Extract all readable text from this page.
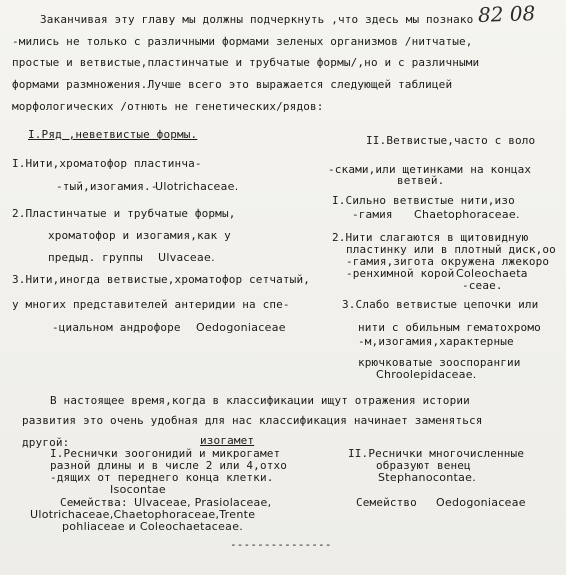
82 08
Заканчивая эту главу мы должны подчеркнуть ,что здесь мы познако
-мились не только с различными формами зеленых организмов /нитчатые,
простые и ветвистые,пластинчатые и трубчатые формы/,но и с различными
формами размножения.Лучше всего это выражается следующей таблицей
морфологических /отнють не генетических/рядов:
I.Ряд ,неветвистые формы.
I.Нити,хроматофор пластинча-
-тый,изогамия.-
Ulotrichaceae.
2.Пластинчатые и трубчатые формы,
хроматофор и изогамия,как у
предыд. группы Ulvaceae.
3.Нити,иногда ветвистые,хроматофор сетчатый,
у многих представителей антеридии на спе-
-циальном андрофоре Oedogoniaceae
II.Ветвистые,часто с воло
-сками,или щетинками на концах
ветвей.
I.Сильно ветвистые нити,изо
-гамия Chaetophoraceae.
2.Нити слагаются в щитовидную
пластинку или в плотный диск,оо
-гамия,зигота окружена лжекоро
-ренхимной корой Coleochaeta
-ceae.
3.Слабо ветвистые цепочки или
нити с обильным гематохромо
-м,изогамия,характерные
крючковатые зооспорангии
Chroolepidaceae.
В настоящее время,когда в классификации ищут отражения истории
развития это очень удобная для нас классификация начинает заменяться
другой:	изогамет
I.Реснички зоогонидий и микрогамет
разной длины и в числе 2 или 4,отхо
-дящих от переднего конца клетки.
Isocontae
Семейства: Ulvaceae, Prasiolaceae,
Ulotrichaceae,Chaetophoraceae,Trente
pohliaceae и Coleochaetaceae.
II.Реснички многочисленные
образуют венец
Stephanocontae.
Семейство Oedogoniaceae
---------------
